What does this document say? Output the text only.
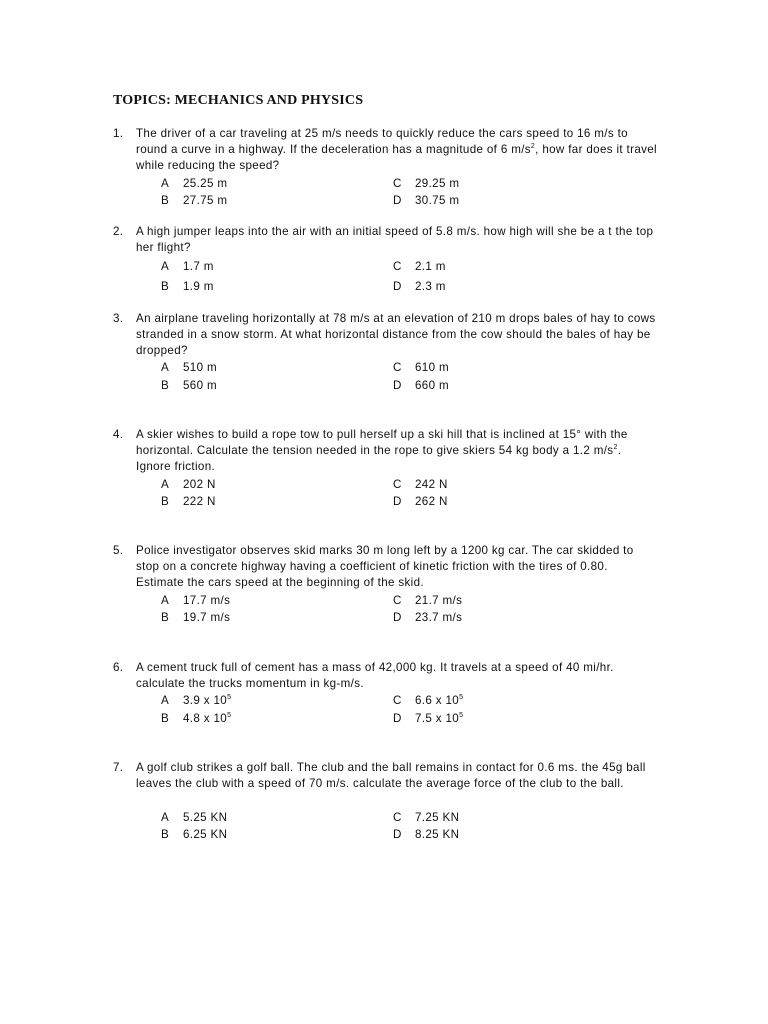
TOPICS: MECHANICS AND PHYSICS
1. The driver of a car traveling at 25 m/s needs to quickly reduce the cars speed to 16 m/s to round a curve in a highway. If the deceleration has a magnitude of 6 $m/s^2$, how far does it travel while reducing the speed?
A 25.25 m
B 27.75 m
C 29.25 m
D 30.75 m
2. A high jumper leaps into the air with an initial speed of 5.8 m/s. how high will she be a t the top her flight?
A 1.7 m
B 1.9 m
C 2.1 m
D 2.3 m
3. An airplane traveling horizontally at 78 m/s at an elevation of 210 m drops bales of hay to cows stranded in a snow storm. At what horizontal distance from the cow should the bales of hay be dropped?
A 510 m
B 560 m
C 610 m
D 660 m
4. A skier wishes to build a rope tow to pull herself up a ski hill that is inclined at 15° with the horizontal. Calculate the tension needed in the rope to give skiers 54 kg body a 1.2 $m/s^2$. Ignore friction.
A 202 N
B 222 N
C 242 N
D 262 N
5. Police investigator observes skid marks 30 m long left by a 1200 kg car. The car skidded to stop on a concrete highway having a coefficient of kinetic friction with the tires of 0.80. Estimate the cars speed at the beginning of the skid.
A 17.7 m/s
B 19.7 m/s
C 21.7 m/s
D 23.7 m/s
6. A cement truck full of cement has a mass of 42,000 kg. It travels at a speed of 40 mi/hr. calculate the trucks momentum in kg-m/s.
A 3.9 x $10^5$
B 4.8 x $10^5$
C 6.6 x $10^5$
D 7.5 x $10^5$
7. A golf club strikes a golf ball. The club and the ball remains in contact for 0.6 ms. the 45g ball leaves the club with a speed of 70 m/s. calculate the average force of the club to the ball.
A 5.25 KN
B 6.25 KN
C 7.25 KN
D 8.25 KN
